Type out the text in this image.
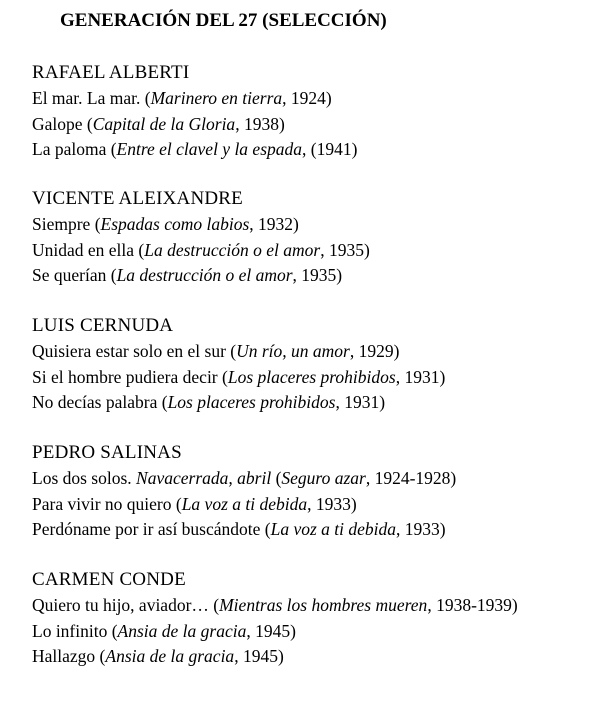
GENERACIÓN DEL 27 (SELECCIÓN)
RAFAEL ALBERTI
El mar. La mar. (Marinero en tierra, 1924)
Galope (Capital de la Gloria, 1938)
La paloma (Entre el clavel y la espada, (1941)
VICENTE ALEIXANDRE
Siempre (Espadas como labios, 1932)
Unidad en ella (La destrucción o el amor, 1935)
Se querían (La destrucción o el amor, 1935)
LUIS CERNUDA
Quisiera estar solo en el sur (Un río, un amor, 1929)
Si el hombre pudiera decir (Los placeres prohibidos, 1931)
No decías palabra (Los placeres prohibidos, 1931)
PEDRO SALINAS
Los dos solos. Navacerrada, abril (Seguro azar, 1924-1928)
Para vivir no quiero (La voz a ti debida, 1933)
Perdóname por ir así buscándote (La voz a ti debida, 1933)
CARMEN CONDE
Quiero tu hijo, aviador… (Mientras los hombres mueren, 1938-1939)
Lo infinito (Ansia de la gracia, 1945)
Hallazgo (Ansia de la gracia, 1945)
